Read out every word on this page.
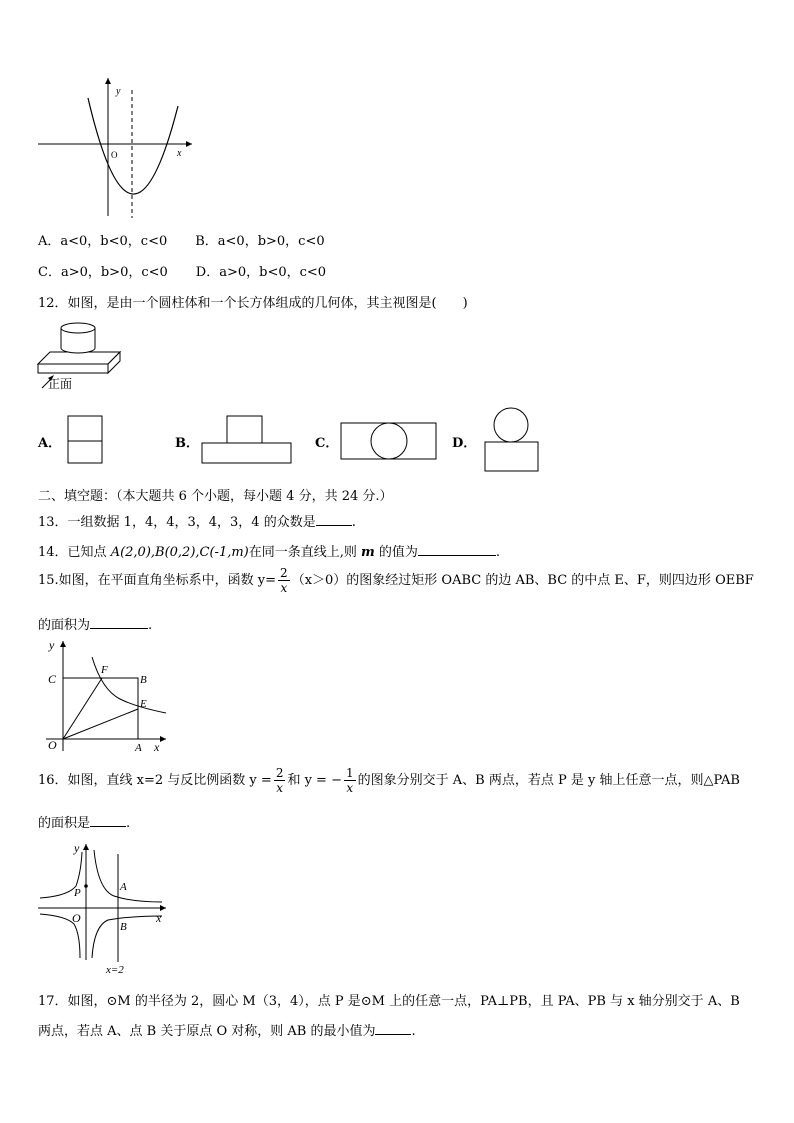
y
x
O
A．a<0，b<0，c<0 B．a<0，b>0，c<0
C．a>0，b>0，c<0 D．a>0，b<0，c<0
12．如图，是由一个圆柱体和一个长方体组成的几何体，其主视图是(　　)
正面
A．	B．	C．	D．
二、填空题：（本大题共 6 个小题，每小题 4 分，共 24 分.）
13．一组数据 1，4，4，3，4，3，4 的众数是	.
14．已知点 A(2,0),B(0,2),C(-1,m)在同一条直线上,则 m 的值为	.
15.如图，在平面直角坐标系中，函数 $y= \frac{2}{x} (x>0)$的图象经过矩形 OABC 的边 AB、BC 的中点 E、F，则四边形 OEBF
的面积为	.
y
x
O	A
C	B
F
E
16．如图，直线 x=2 与反比例函数 $y = \frac{2}{x}$ 和 y = − $\frac{1}{x}$ 的图象分别交于 A、B 两点，若点 P 是 y 轴上任意一点，则△PAB
的面积是	.
y
x
O
P	A
B
x=2
17．如图，⊙M 的半径为 2，圆心 M（3，4），点 P 是⊙M 上的任意一点，PA⊥PB，且 PA、PB 与 x 轴分别交于 A、B
两点，若点 A、点 B 关于原点 O 对称，则 AB 的最小值为	.
